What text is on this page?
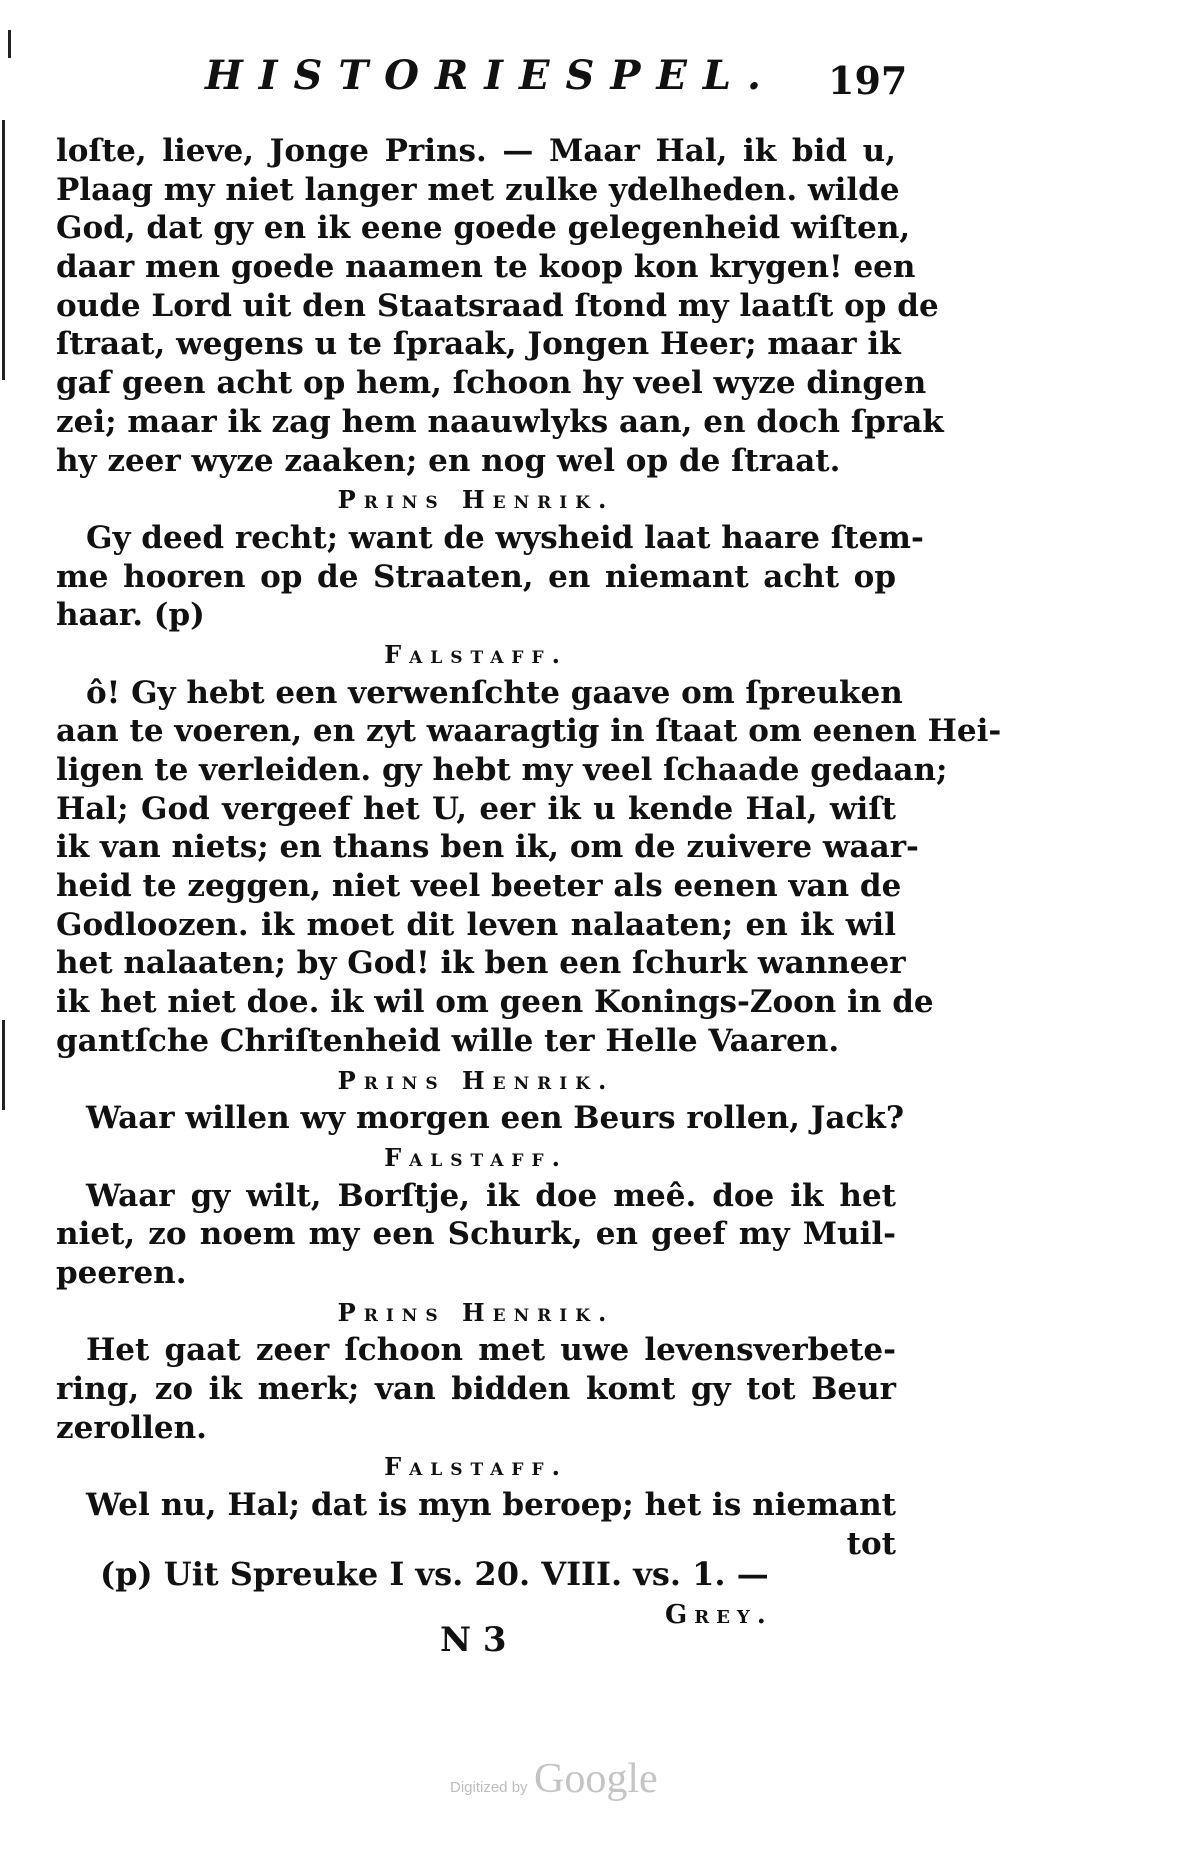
HISTORIESPEL. 197
loſte, lieve, Jonge Prins. — Maar Hal, ik bid u,
Plaag my niet langer met zulke ydelheden. wilde
God, dat gy en ik eene goede gelegenheid wiſten,
daar men goede naamen te koop kon krygen! een
oude Lord uit den Staatsraad ſtond my laatſt op de
ſtraat, wegens u te ſpraak, Jongen Heer; maar ik
gaf geen acht op hem, ſchoon hy veel wyze dingen
zei; maar ik zag hem naauwlyks aan, en doch ſprak
hy zeer wyze zaaken; en nog wel op de ſtraat.
Prins Henrik.
Gy deed recht; want de wysheid laat haare ſtem-
me hooren op de Straaten, en niemant acht op
haar. (p)
Falstaff.
ô! Gy hebt een verwenſchte gaave om ſpreuken
aan te voeren, en zyt waaragtig in ſtaat om eenen Hei-
ligen te verleiden. gy hebt my veel ſchaade gedaan;
Hal; God vergeef het U, eer ik u kende Hal, wiſt
ik van niets; en thans ben ik, om de zuivere waar-
heid te zeggen, niet veel beeter als eenen van de
Godloozen. ik moet dit leven nalaaten; en ik wil
het nalaaten; by God! ik ben een ſchurk wanneer
ik het niet doe. ik wil om geen Konings-Zoon in de
gantſche Chriſtenheid wille ter Helle Vaaren.
Prins Henrik.
Waar willen wy morgen een Beurs rollen, Jack?
Falstaff.
Waar gy wilt, Borſtje, ik doe meê. doe ik het
niet, zo noem my een Schurk, en geef my Muil-
peeren.
Prins Henrik.
Het gaat zeer ſchoon met uwe levensverbete-
ring, zo ik merk; van bidden komt gy tot Beur
zerollen.
Falstaff.
Wel nu, Hal; dat is myn beroep; het is niemant
tot
(p) Uit Spreuke I vs. 20. VIII. vs. 1. —
Grey.
N 3
Digitized by Google
